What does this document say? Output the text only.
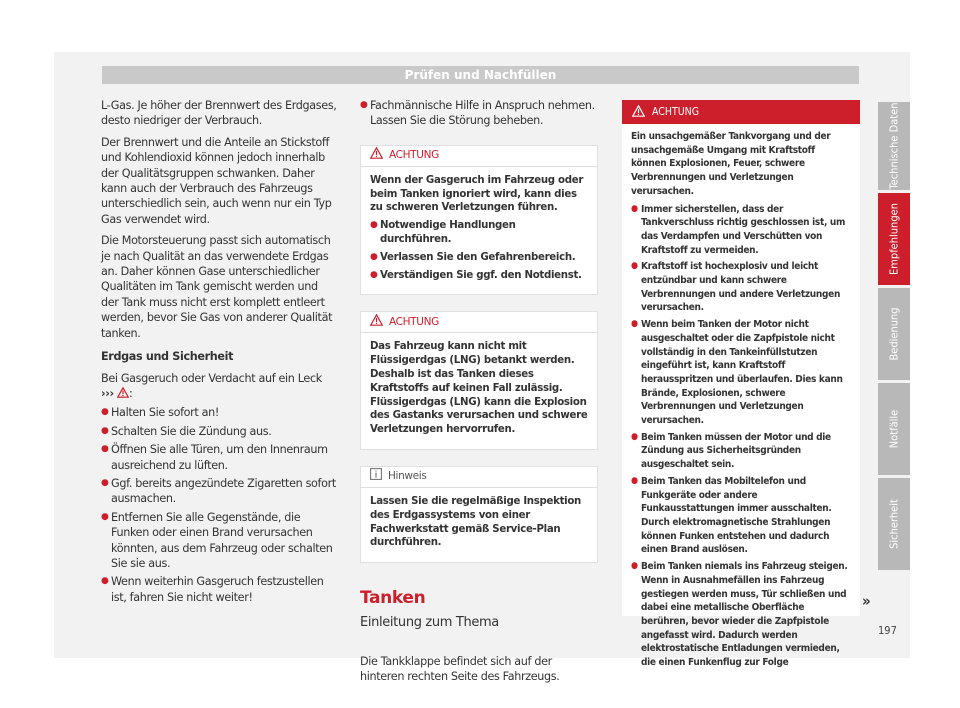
Prüfen und Nachfüllen

L-Gas. Je höher der Brennwert des Erdgases, desto niedriger der Verbrauch.

Der Brennwert und die Anteile an Stickstoff und Kohlendioxid können jedoch innerhalb der Qualitätsgruppen schwanken. Daher kann auch der Verbrauch des Fahrzeugs unterschiedlich sein, auch wenn nur ein Typ Gas verwendet wird.

Die Motorsteuerung passt sich automatisch je nach Qualität an das verwendete Erdgas an. Daher können Gase unterschiedlicher Qualitäten im Tank gemischt werden und der Tank muss nicht erst komplett entleert werden, bevor Sie Gas von anderer Qualität tanken.

Erdgas und Sicherheit

Bei Gasgeruch oder Verdacht auf ein Leck
››› :

● Halten Sie sofort an!
● Schalten Sie die Zündung aus.
● Öffnen Sie alle Türen, um den Innenraum ausreichend zu lüften.
● Ggf. bereits angezündete Zigaretten sofort ausmachen.
● Entfernen Sie alle Gegenstände, die Funken oder einen Brand verursachen könnten, aus dem Fahrzeug oder schalten Sie sie aus.
● Wenn weiterhin Gasgeruch festzustellen ist, fahren Sie nicht weiter!
● Fachmännische Hilfe in Anspruch nehmen. Lassen Sie die Störung beheben.
ACHTUNG

Wenn der Gasgeruch im Fahrzeug oder beim Tanken ignoriert wird, kann dies zu schweren Verletzungen führen.

● Notwendige Handlungen durchführen.
● Verlassen Sie den Gefahrenbereich.
● Verständigen Sie ggf. den Notdienst.
ACHTUNG

Das Fahrzeug kann nicht mit Flüssigerdgas (LNG) betankt werden. Deshalb ist das Tanken dieses Kraftstoffs auf keinen Fall zulässig. Flüssigerdgas (LNG) kann die Explosion des Gastanks verursachen und schwere Verletzungen hervorrufen.

Hinweis

Lassen Sie die regelmäßige Inspektion des Erdgassystems von einer Fachwerkstatt gemäß Service-Plan durchführen.

Tanken
Einleitung zum Thema

Die Tankklappe befindet sich auf der hinteren rechten Seite des Fahrzeugs.

ACHTUNG

Ein unsachgemäßer Tankvorgang und der unsachgemäße Umgang mit Kraftstoff können Explosionen, Feuer, schwere Verbrennungen und Verletzungen verursachen.

● Immer sicherstellen, dass der Tankverschluss richtig geschlossen ist, um das Verdampfen und Verschütten von Kraftstoff zu vermeiden.
● Kraftstoff ist hochexplosiv und leicht entzündbar und kann schwere Verbrennungen und andere Verletzungen verursachen.
● Wenn beim Tanken der Motor nicht ausgeschaltet oder die Zapfpistole nicht vollständig in den Tankeinfüllstutzen eingeführt ist, kann Kraftstoff herausspritzen und überlaufen. Dies kann Brände, Explosionen, schwere Verbrennungen und Verletzungen verursachen.
● Beim Tanken müssen der Motor und die Zündung aus Sicherheitsgründen ausgeschaltet sein.
● Beim Tanken das Mobiltelefon und Funkgeräte oder andere Funkausstattungen immer ausschalten. Durch elektromagnetische Strahlungen können Funken entstehen und dadurch einen Brand auslösen.
● Beim Tanken niemals ins Fahrzeug steigen. Wenn in Ausnahmefällen ins Fahrzeug gestiegen werden muss, Tür schließen und dabei eine metallische Oberfläche berühren, bevor wieder die Zapfpistole angefasst wird. Dadurch werden elektrostatische Entladungen vermieden, die einen Funkenflug zur Folge
»
Technische Daten
Empfehlungen
Bedienung
Notfälle
Sicherheit
197
